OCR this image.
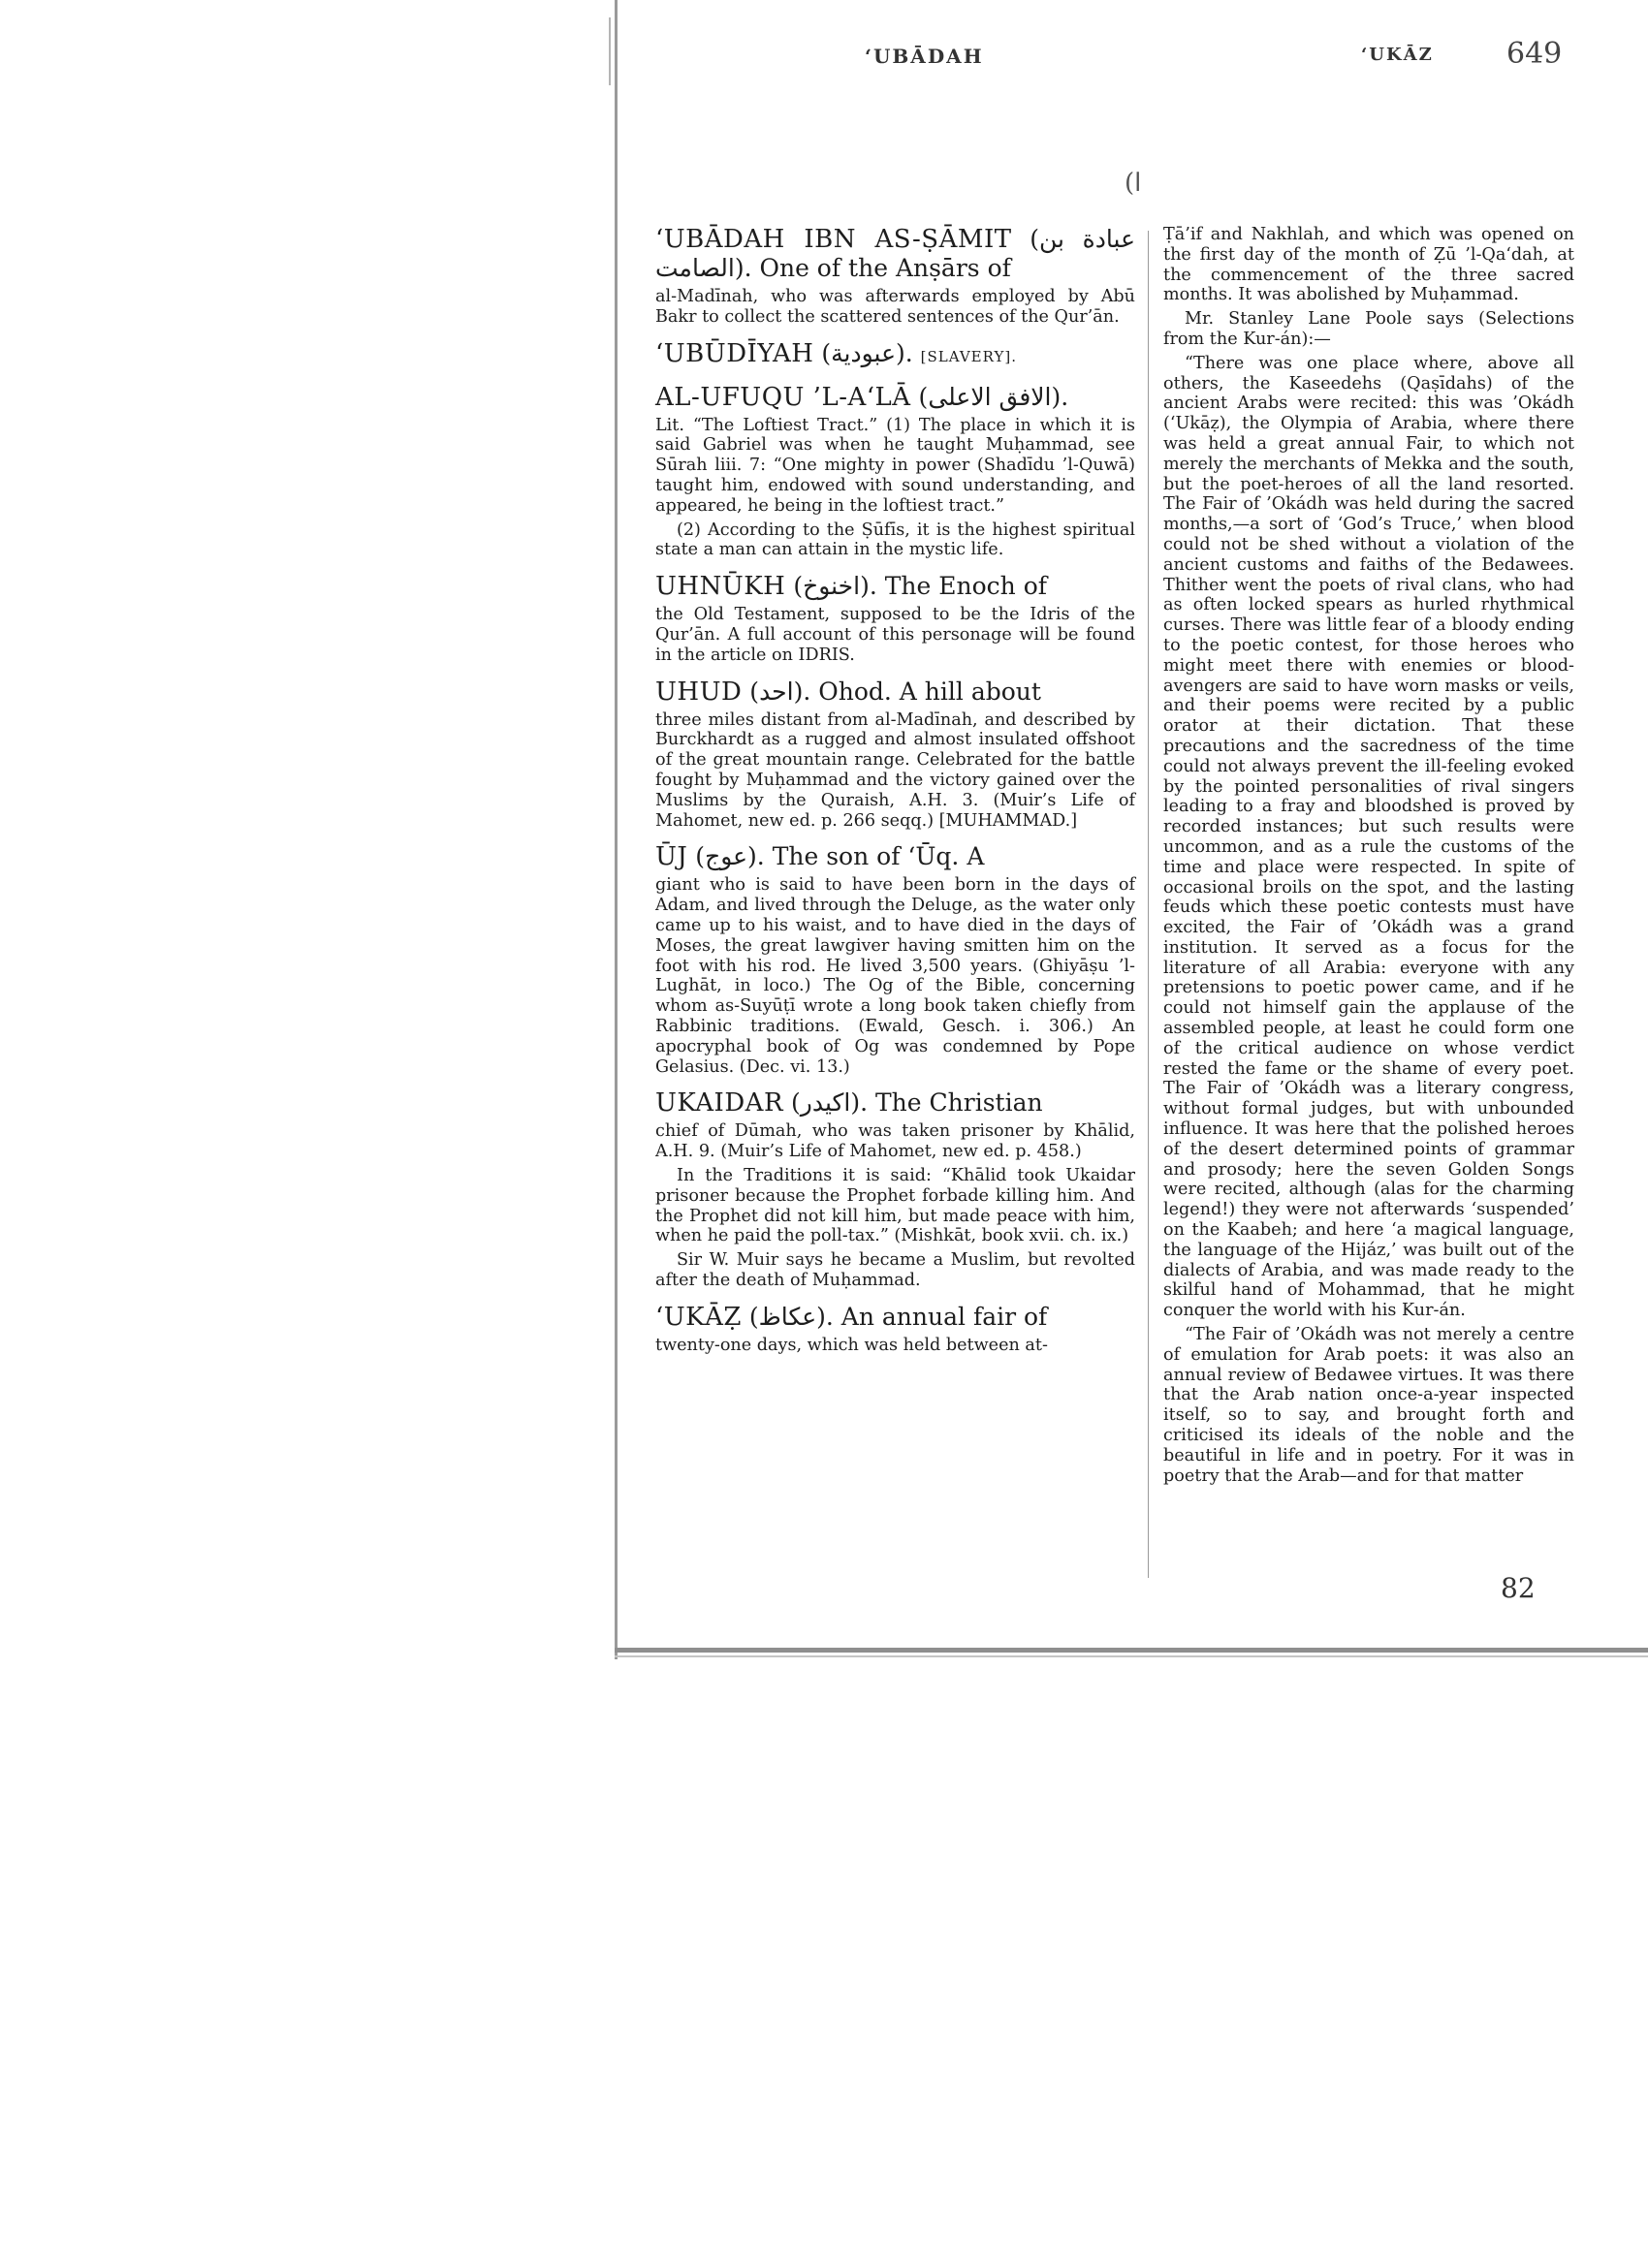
‘UBĀDAH	‘UKĀZ	649
(ا

‘UBĀDAH IBN AS-ṢĀMIT (عبادة بن الصامت). One of the Anṣārs of

al-Madīnah, who was afterwards employed by Abū Bakr to collect the scattered sentences of the Qur’ān.

‘UBŪDĪYAH (عبودية). [SLAVERY].

AL-UFUQU ’L-A‘LĀ (الافق الاعلى).

Lit. “The Loftiest Tract.” (1) The place in which it is said Gabriel was when he taught Muḥammad, see Sūrah liii. 7: “One mighty in power (Shadīdu ’l-Quwā) taught him, endowed with sound understanding, and appeared, he being in the loftiest tract.”

(2) According to the Ṣūfīs, it is the highest spiritual state a man can attain in the mystic life.

UHNŪKH (اخنوخ). The Enoch of

the Old Testament, supposed to be the Idris of the Qur’ān. A full account of this personage will be found in the article on IDRIS.

UHUD (احد). Ohod. A hill about

three miles distant from al-Madīnah, and described by Burckhardt as a rugged and almost insulated offshoot of the great mountain range. Celebrated for the battle fought by Muḥammad and the victory gained over the Muslims by the Quraish, A.H. 3. (Muir’s Life of Mahomet, new ed. p. 266 seqq.) [MUHAMMAD.]

ŪJ (عوج). The son of ‘Ūq. A

giant who is said to have been born in the days of Adam, and lived through the Deluge, as the water only came up to his waist, and to have died in the days of Moses, the great lawgiver having smitten him on the foot with his rod. He lived 3,500 years. (Ghiyāṣu ’l-Lughāt, in loco.) The Og of the Bible, concerning whom as-Suyūṭī wrote a long book taken chiefly from Rabbinic traditions. (Ewald, Gesch. i. 306.) An apocryphal book of Og was condemned by Pope Gelasius. (Dec. vi. 13.)

UKAIDAR (اكيدر). The Christian

chief of Dūmah, who was taken prisoner by Khālid, A.H. 9. (Muir’s Life of Mahomet, new ed. p. 458.)

In the Traditions it is said: “Khālid took Ukaidar prisoner because the Prophet forbade killing him. And the Prophet did not kill him, but made peace with him, when he paid the poll-tax.” (Mishkāt, book xvii. ch. ix.)

Sir W. Muir says he became a Muslim, but revolted after the death of Muḥammad.

‘UKĀẒ (عكاظ). An annual fair of

twenty-one days, which was held between at-

Ṭā’if and Nakhlah, and which was opened on the first day of the month of Ẓū ’l-Qa‘dah, at the commencement of the three sacred months. It was abolished by Muḥammad.

Mr. Stanley Lane Poole says (Selections from the Kur-án):—

“There was one place where, above all others, the Kaseedehs (Qaṣīdahs) of the ancient Arabs were recited: this was ’Okádh (‘Ukāẓ), the Olympia of Arabia, where there was held a great annual Fair, to which not merely the merchants of Mekka and the south, but the poet-heroes of all the land resorted. The Fair of ’Okádh was held during the sacred months,—a sort of ‘God’s Truce,’ when blood could not be shed without a violation of the ancient customs and faiths of the Bedawees. Thither went the poets of rival clans, who had as often locked spears as hurled rhythmical curses. There was little fear of a bloody ending to the poetic contest, for those heroes who might meet there with enemies or blood-avengers are said to have worn masks or veils, and their poems were recited by a public orator at their dictation. That these precautions and the sacredness of the time could not always prevent the ill-feeling evoked by the pointed personalities of rival singers leading to a fray and bloodshed is proved by recorded instances; but such results were uncommon, and as a rule the customs of the time and place were respected. In spite of occasional broils on the spot, and the lasting feuds which these poetic contests must have excited, the Fair of ’Okádh was a grand institution. It served as a focus for the literature of all Arabia: everyone with any pretensions to poetic power came, and if he could not himself gain the applause of the assembled people, at least he could form one of the critical audience on whose verdict rested the fame or the shame of every poet. The Fair of ’Okádh was a literary congress, without formal judges, but with unbounded influence. It was here that the polished heroes of the desert determined points of grammar and prosody; here the seven Golden Songs were recited, although (alas for the charming legend!) they were not afterwards ‘suspended’ on the Kaabeh; and here ‘a magical language, the language of the Hijáz,’ was built out of the dialects of Arabia, and was made ready to the skilful hand of Mohammad, that he might conquer the world with his Kur-án.

“The Fair of ’Okádh was not merely a centre of emulation for Arab poets: it was also an annual review of Bedawee virtues. It was there that the Arab nation once-a-year inspected itself, so to say, and brought forth and criticised its ideals of the noble and the beautiful in life and in poetry. For it was in poetry that the Arab—and for that matter

82
